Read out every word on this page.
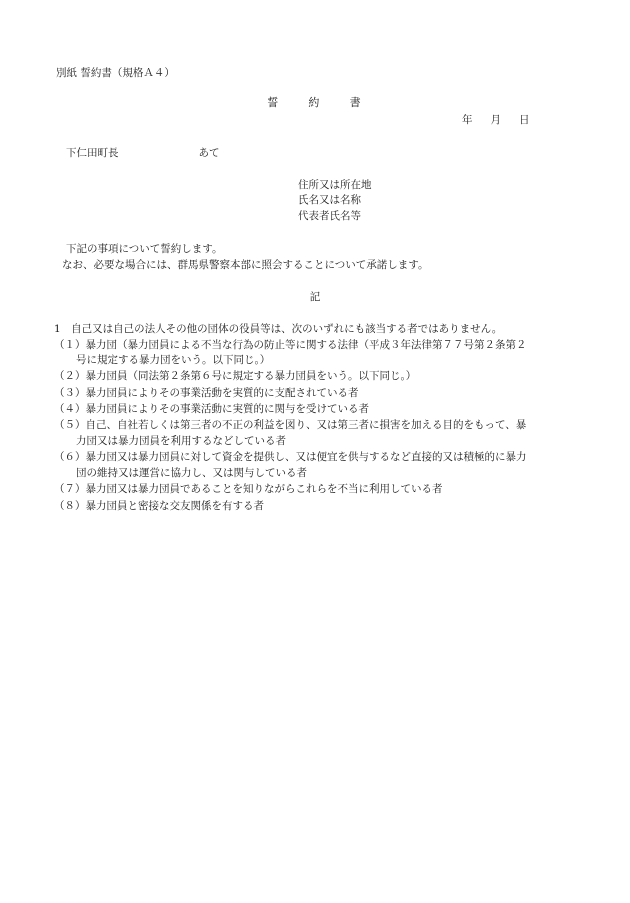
別紙 誓約書（規格Ａ４）
誓	約	書
年 月 日
下仁田町長	あて
住所又は所在地
氏名又は名称
代表者氏名等
下記の事項について誓約します。
なお、必要な場合には、群馬県警察本部に照会することについて承諾します。
記
1　自己又は自己の法人その他の団体の役員等は、次のいずれにも該当する者ではありません。
（１）暴力団（暴力団員による不当な行為の防止等に関する法律（平成３年法律第７７号第２条第２
号に規定する暴力団をいう。以下同じ。）
（２）暴力団員（同法第２条第６号に規定する暴力団員をいう。以下同じ。）
（３）暴力団員によりその事業活動を実質的に支配されている者
（４）暴力団員によりその事業活動に実質的に関与を受けている者
（５）自己、自社若しくは第三者の不正の利益を図り、又は第三者に損害を加える目的をもって、暴
力団又は暴力団員を利用するなどしている者
（６）暴力団又は暴力団員に対して資金を提供し、又は便宜を供与するなど直接的又は積極的に暴力
団の維持又は運営に協力し、又は関与している者
（７）暴力団又は暴力団員であることを知りながらこれらを不当に利用している者
（８）暴力団員と密接な交友関係を有する者
